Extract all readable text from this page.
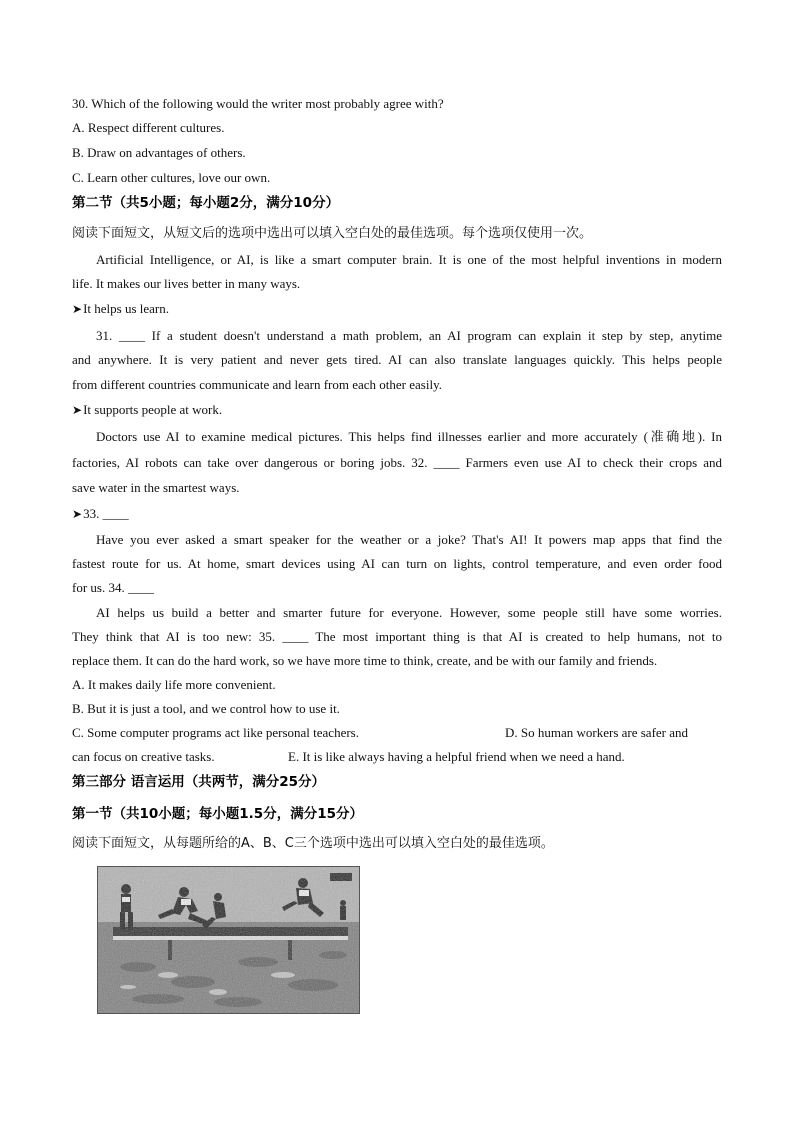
30. Which of the following would the writer most probably agree with?
A. Respect different cultures.
B. Draw on advantages of others.
C. Learn other cultures, love our own.
第二节（共5小题；每小题2分，满分10分）
阅读下面短文，从短文后的选项中选出可以填入空白处的最佳选项。每个选项仅使用一次。
Artificial Intelligence, or AI, is like a smart computer brain. It is one of the most helpful inventions in modern
life. It makes our lives better in many ways.
➤It helps us learn.
31. ____ If a student doesn't understand a math problem, an AI program can explain it step by step, anytime
and anywhere. It is very patient and never gets tired. AI can also translate languages quickly. This helps people
from different countries communicate and learn from each other easily.
➤It supports people at work.
Doctors use AI to examine medical pictures. This helps find illnesses earlier and more accurately (准确地). In
factories, AI robots can take over dangerous or boring jobs. 32. ____ Farmers even use AI to check their crops and
save water in the smartest ways.
➤33. ____
Have you ever asked a smart speaker for the weather or a joke? That's AI! It powers map apps that find the
fastest route for us. At home, smart devices using AI can turn on lights, control temperature, and even order food
for us. 34. ____
AI helps us build a better and smarter future for everyone. However, some people still have some worries.
They think that AI is too new: 35. ____ The most important thing is that AI is created to help humans, not to
replace them. It can do the hard work, so we have more time to think, create, and be with our family and friends.
A. It makes daily life more convenient.
B. But it is just a tool, and we control how to use it.
C. Some computer programs act like personal teachers.	D. So human workers are safer and
can focus on creative tasks.	E. It is like always having a helpful friend when we need a hand.
第三部分 语言运用（共两节，满分25分）
第一节（共10小题；每小题1.5分，满分15分）
阅读下面短文，从每题所给的A、B、C三个选项中选出可以填入空白处的最佳选项。
